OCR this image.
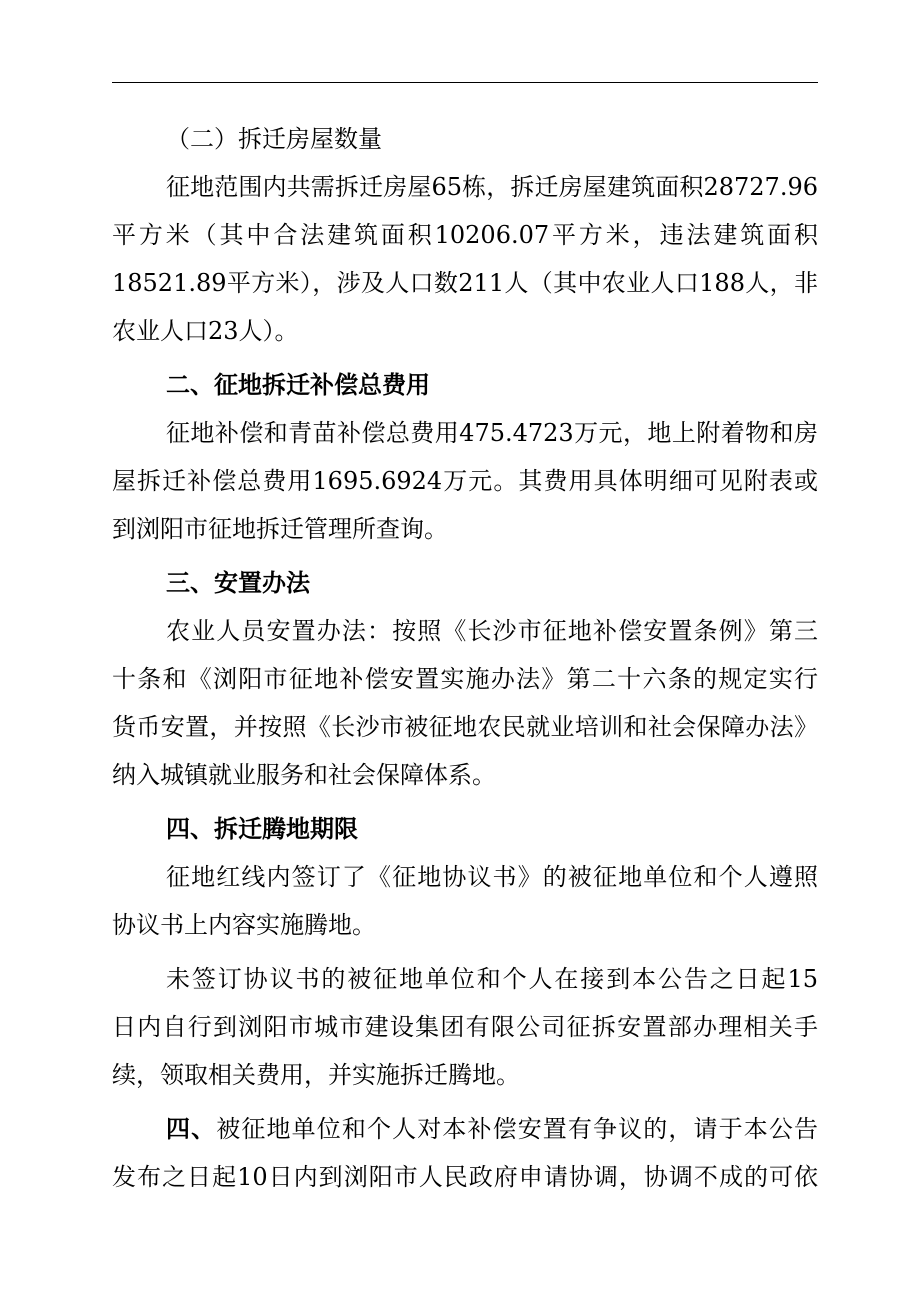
（二）拆迁房屋数量
征地范围内共需拆迁房屋65栋，拆迁房屋建筑面积28727.96
平方米（其中合法建筑面积10206.07平方米，违法建筑面积
18521.89平方米），涉及人口数211人（其中农业人口188人，非
农业人口23人）。
二、征地拆迁补偿总费用
征地补偿和青苗补偿总费用475.4723万元，地上附着物和房
屋拆迁补偿总费用1695.6924万元。其费用具体明细可见附表或
到浏阳市征地拆迁管理所查询。
三、安置办法
农业人员安置办法：按照《长沙市征地补偿安置条例》第三
十条和《浏阳市征地补偿安置实施办法》第二十六条的规定实行
货币安置，并按照《长沙市被征地农民就业培训和社会保障办法》
纳入城镇就业服务和社会保障体系。
四、拆迁腾地期限
征地红线内签订了《征地协议书》的被征地单位和个人遵照
协议书上内容实施腾地。
未签订协议书的被征地单位和个人在接到本公告之日起15
日内自行到浏阳市城市建设集团有限公司征拆安置部办理相关手
续，领取相关费用，并实施拆迁腾地。
四、被征地单位和个人对本补偿安置有争议的，请于本公告
发布之日起10日内到浏阳市人民政府申请协调，协调不成的可依
